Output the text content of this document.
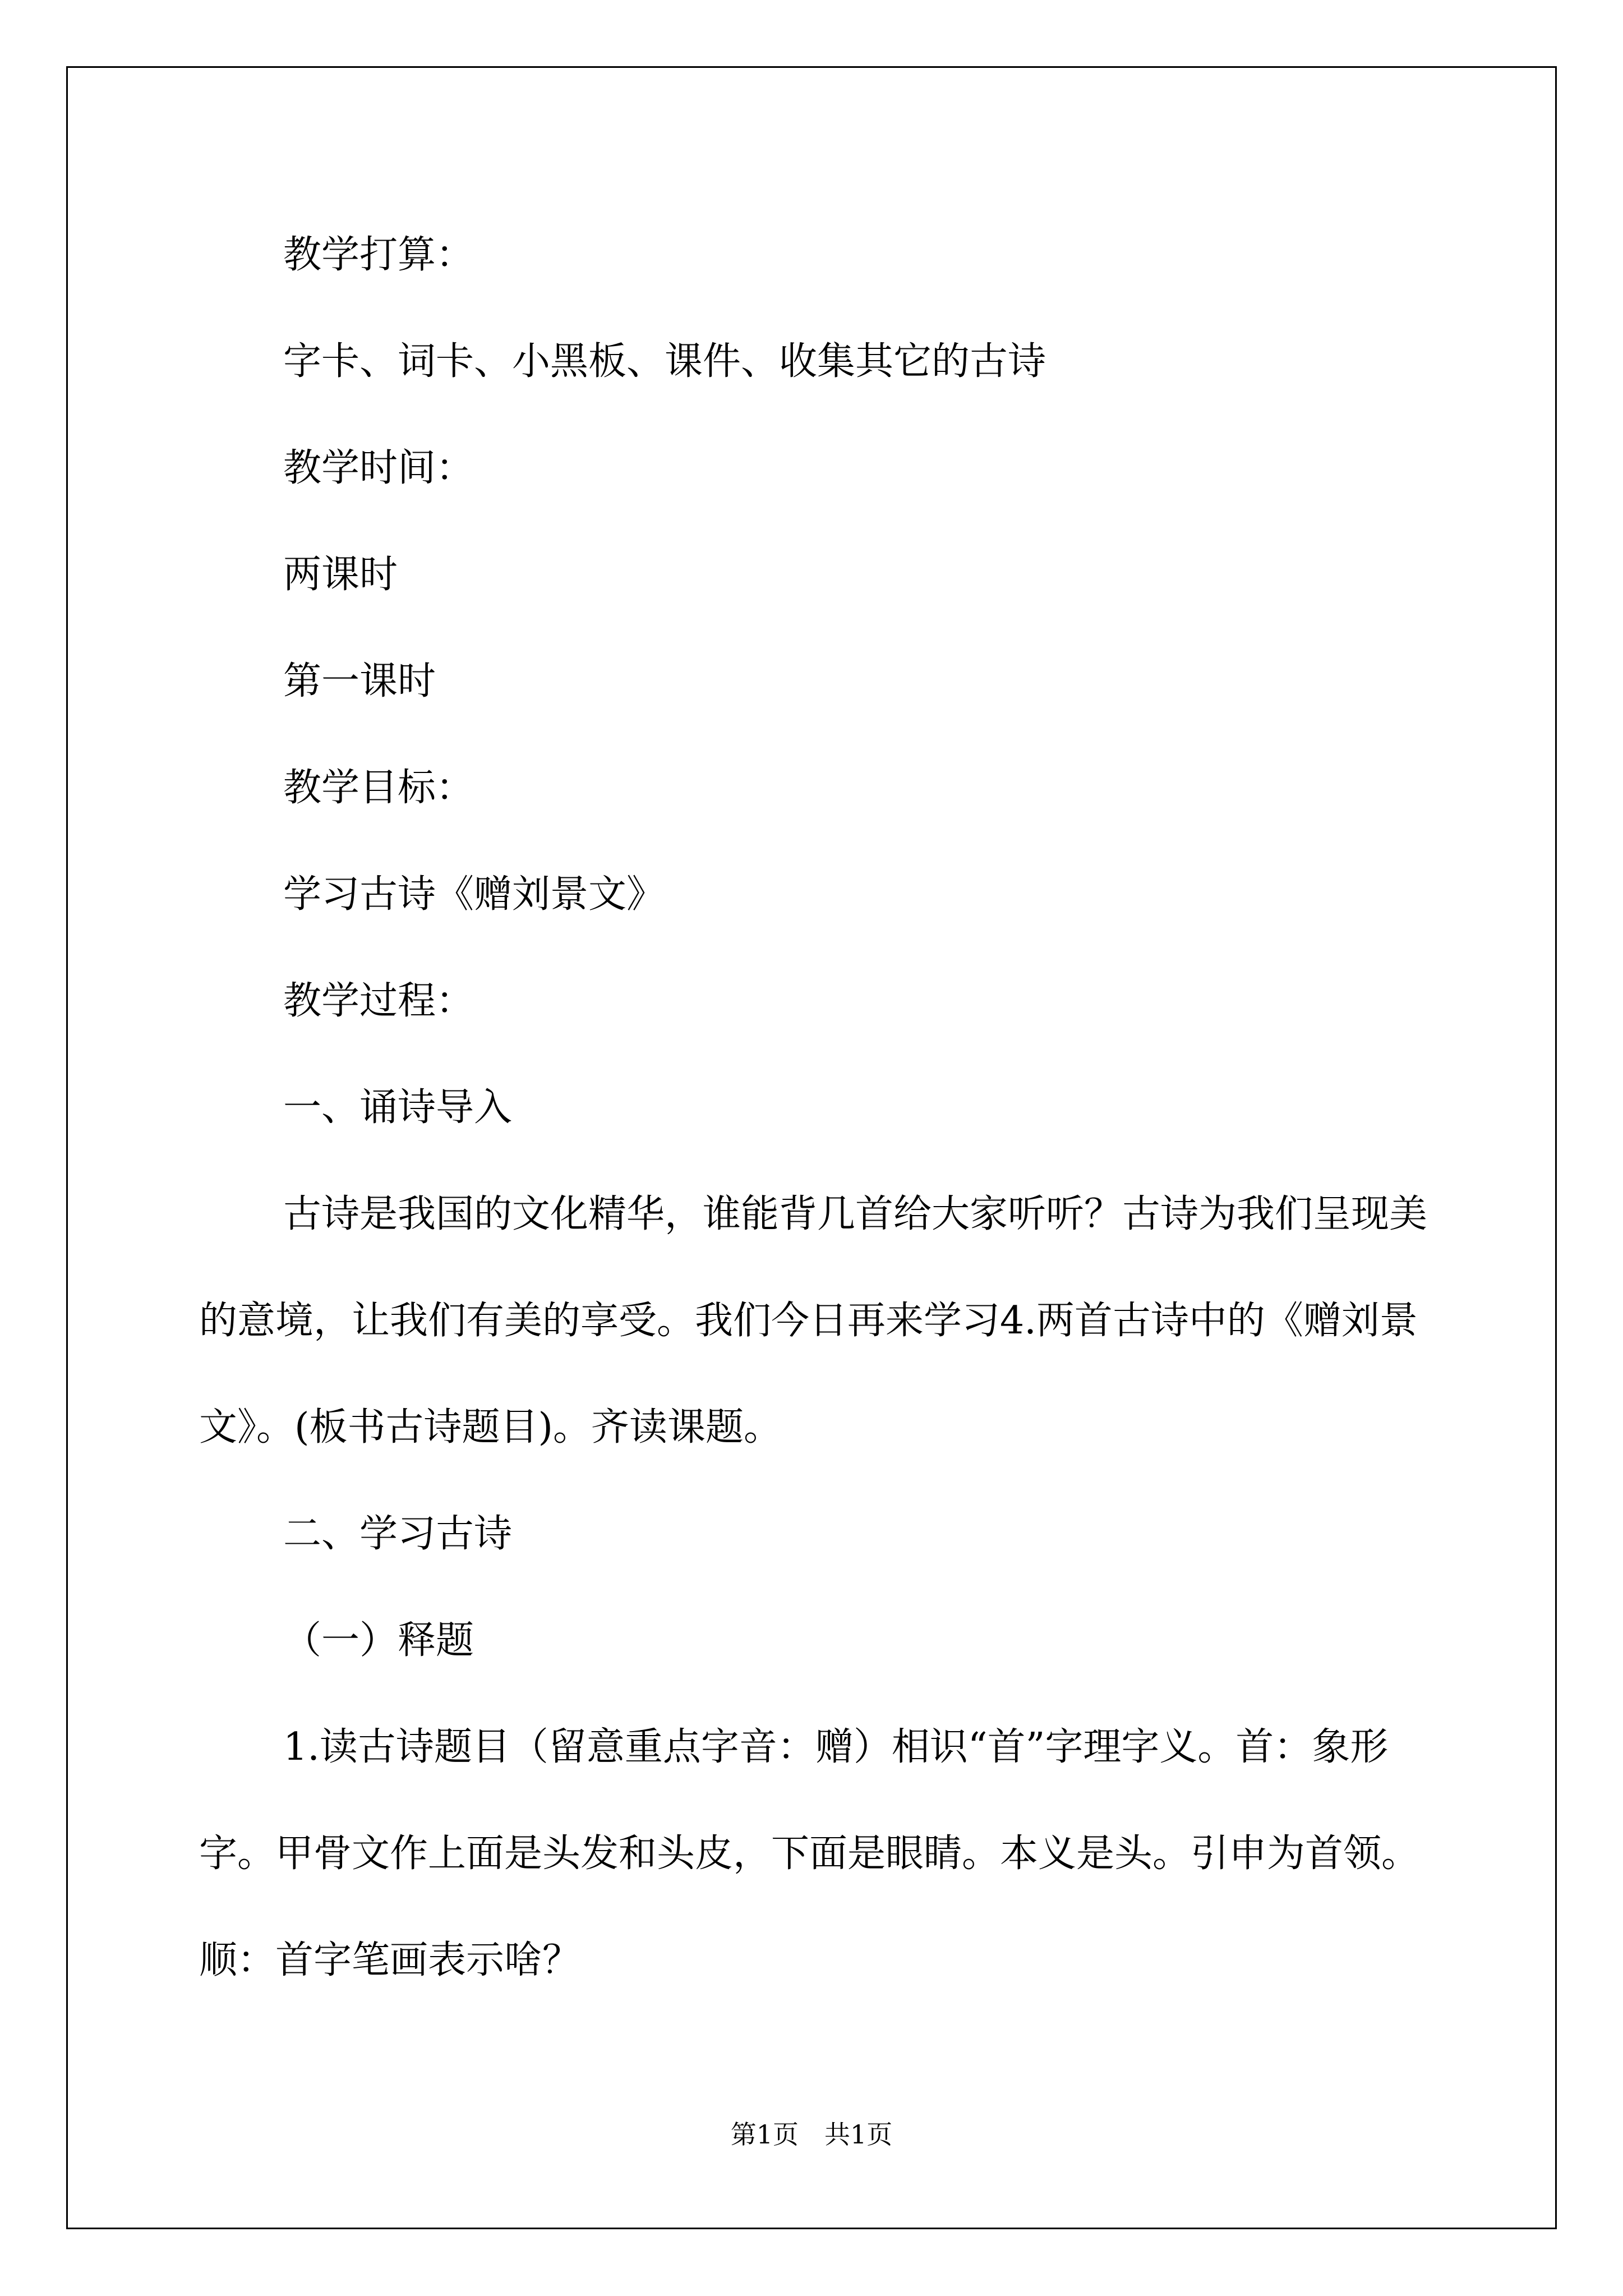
教学打算：

字卡、词卡、小黑板、课件、收集其它的古诗

教学时间：

两课时

第一课时

教学目标：

学习古诗《赠刘景文》

教学过程：

一、诵诗导入

古诗是我国的文化精华，谁能背几首给大家听听？古诗为我们呈现美的意境，让我们有美的享受。我们今日再来学习4.两首古诗中的《赠刘景文》。(板书古诗题目)。齐读课题。

二、学习古诗

（一）释题

1.读古诗题目（留意重点字音：赠）相识“首”字理字义。首：象形字。甲骨文作上面是头发和头皮，下面是眼睛。本义是头。引申为首领。顺：首字笔画表示啥？

第1页　共1页
